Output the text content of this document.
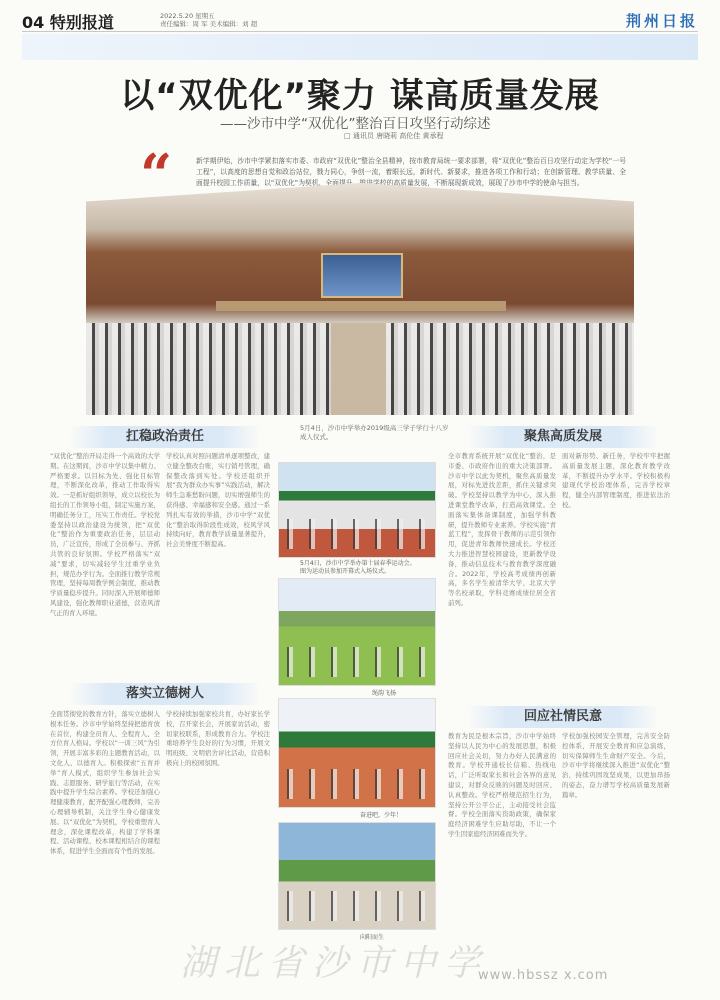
04 特别报道	2022.5.20 星期五
责任编辑：周 军 美术编辑：刘 超	荆州日报
以“双优化”聚力 谋高质量发展
——沙市中学“双优化”整治百日攻坚行动综述
□ 通讯员 唐晓莉 高伦佳 黄承程
“	新学期伊始，沙市中学紧扣落实市委、市政府“双优化”整治全县精神，按市教育局统一要求部署，将“双优化”整治百日攻坚行动定为学校“一号工程”，以高度的思想自觉和政治站位，戮力同心，争创一流，着眼长远，新时代、新要求，推进各项工作和行动；在创新管理、教学质量、全面提升校园工作质量，以“双优化”为契机，全面提升、推进学校的高质量发展，不断展现新成效，展现了沙市中学的使命与担当。
5月4日，沙市中学举办2019级高三学子学行十八岁成人仪式。
扛稳政治责任	聚焦高质发展
落实立德树人
回应社情民意
“双优化”整治开局走得一个高效的大学期。在这期间，沙市中学以集中精力、严格要求。以目标为先、强化目标管理，不断深化改革，推动工作取得实效。一是抓好组织领导，成立以校长为组长的工作领导小组，制定实施方案，明确任务分工，压实工作责任。学校党委坚持以政治建设为统领，把“双优化”整治作为重要政治任务，层层动员，广泛宣传，形成了全员参与、齐抓共管的良好氛围。学校严格落实“双减”要求，切实减轻学生过重学业负担，规范办学行为。全面推行教学常规管理，坚持每周教学例会制度，推动教学质量稳步提升。同时深入开展师德师风建设，强化教师职业道德，营造风清气正的育人环境。
学校认真对照问题清单逐项整改，建立健全整改台账，实行销号管理，确保整改落到实处。学校还组织开展“我为群众办实事”实践活动，解决师生急难愁盼问题，切实增强师生的获得感、幸福感和安全感。通过一系列扎实有效的举措，沙市中学“双优化”整治取得阶段性成效，校风学风持续向好，教育教学质量显著提升，社会美誉度不断提高。
全面贯彻党的教育方针，落实立德树人根本任务。沙市中学始终坚持把德育放在首位，构建全员育人、全程育人、全方位育人格局。学校以“一训三风”为引领，开展丰富多彩的主题教育活动，以文化人、以德育人。积极探索“五育并举”育人模式，组织学生参加社会实践、志愿服务、研学旅行等活动，在实践中提升学生综合素养。学校还加强心理健康教育，配齐配强心理教师，完善心理辅导机制，关注学生身心健康发展。以“双优化”为契机，学校重塑育人理念，深化课程改革，构建了学科课程、活动课程、校本课程相结合的课程体系，促进学生全面而有个性的发展。
学校持续加强家校共育，办好家长学校，召开家长会，开展家访活动，密切家校联系，形成教育合力。学校注重培养学生良好的行为习惯，开展文明班级、文明宿舍评比活动，营造积极向上的校园氛围。
全市教育系统开展“双优化”整治，是市委、市政府作出的重大决策部署。沙市中学以此为契机，聚焦高质量发展，对标先进找差距，抓住关键求突破。学校坚持以教学为中心，深入推进课堂教学改革，打造高效课堂。全面落实集体备课制度，加强学科教研，提升教师专业素养。学校实施“青蓝工程”，发挥骨干教师的示范引领作用，促进青年教师快速成长。学校还大力推进智慧校园建设，更新教学设备，推动信息技术与教育教学深度融合。2022年，学校高考成绩再创新高，多名学生被清华大学、北京大学等名校录取，学科竞赛成绩位居全省前列。
面对新形势、新任务，学校牢牢把握高质量发展主题，深化教育教学改革，不断提升办学水平。学校积极构建现代学校治理体系，完善学校章程，健全内部管理制度，推进依法治校。
教育为民是根本宗旨，沙市中学始终坚持以人民为中心的发展思想，积极回应社会关切，努力办好人民满意的教育。学校开通校长信箱、热线电话，广泛听取家长和社会各界的意见建议，对群众反映的问题及时回应、认真整改。学校严格规范招生行为，坚持公开公平公正，主动接受社会监督。学校全面落实资助政策，确保家庭经济困难学生应助尽助，不让一个学生因家庭经济困难而失学。
学校加强校园安全管理，完善安全防控体系，开展安全教育和应急演练，切实保障师生生命财产安全。今后，沙市中学将继续深入推进“双优化”整治，持续巩固攻坚成果，以更加昂扬的姿态，奋力谱写学校高质量发展新篇章。
5月4日，沙市中学举办第十届春季运动会。图为运动员参加开幕式入场仪式。
绳韵飞扬
奋进吧，少年！
向阳而生
湖北省沙市中学
www.hbssz x.com
